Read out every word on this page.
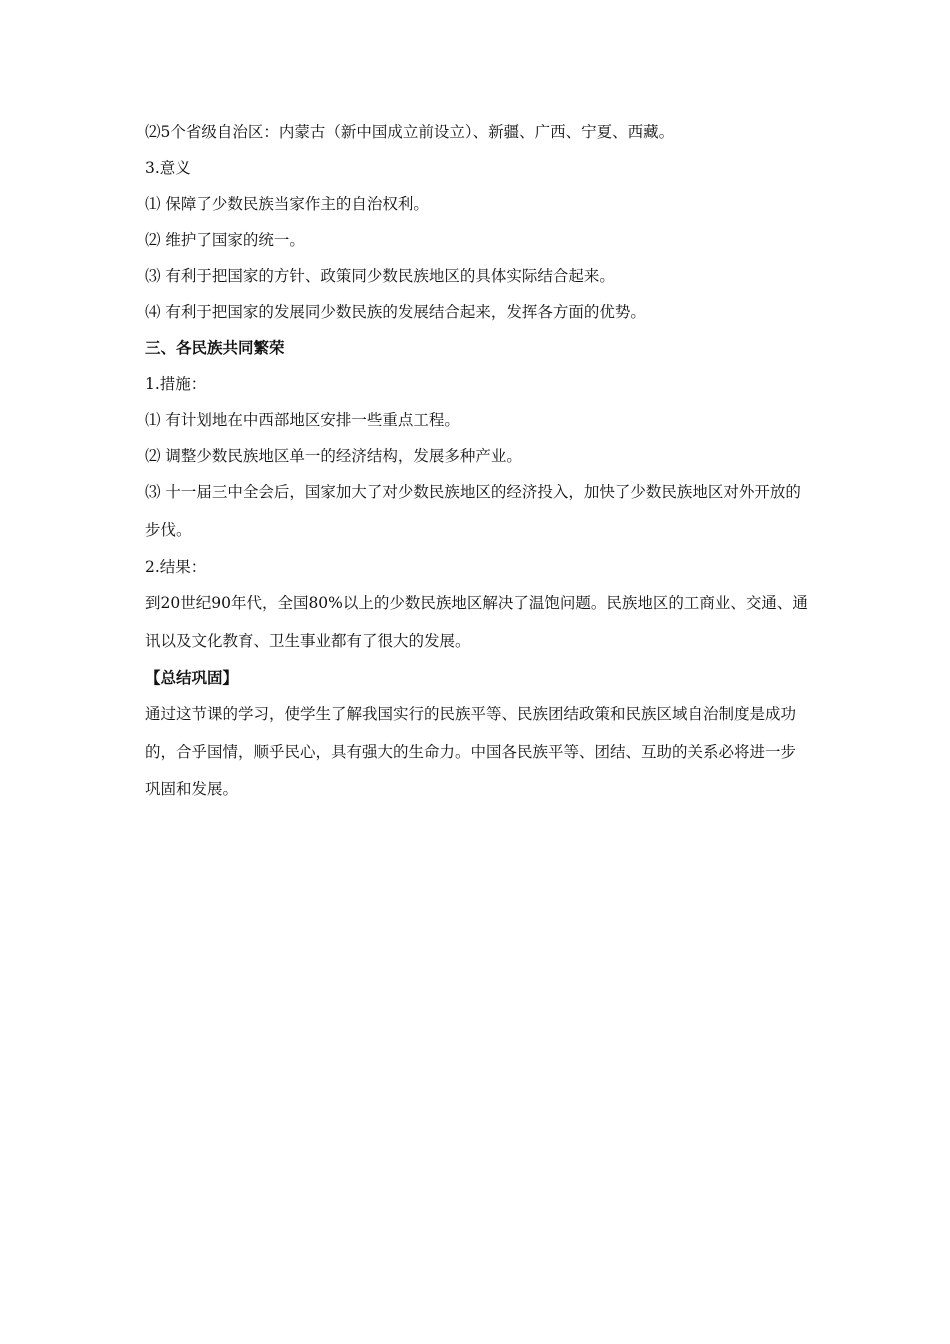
⑵5个省级自治区：内蒙古（新中国成立前设立）、新疆、广西、宁夏、西藏。
3.意义
⑴ 保障了少数民族当家作主的自治权利。
⑵ 维护了国家的统一。
⑶ 有利于把国家的方针、政策同少数民族地区的具体实际结合起来。
⑷ 有利于把国家的发展同少数民族的发展结合起来，发挥各方面的优势。
三、各民族共同繁荣
1.措施：
⑴ 有计划地在中西部地区安排一些重点工程。
⑵ 调整少数民族地区单一的经济结构，发展多种产业。
⑶ 十一届三中全会后，国家加大了对少数民族地区的经济投入，加快了少数民族地区对外开放的步伐。
2.结果：
到20世纪90年代，全国80%以上的少数民族地区解决了温饱问题。民族地区的工商业、交通、通讯以及文化教育、卫生事业都有了很大的发展。
【总结巩固】
通过这节课的学习，使学生了解我国实行的民族平等、民族团结政策和民族区域自治制度是成功的，合乎国情，顺乎民心，具有强大的生命力。中国各民族平等、团结、互助的关系必将进一步巩固和发展。
